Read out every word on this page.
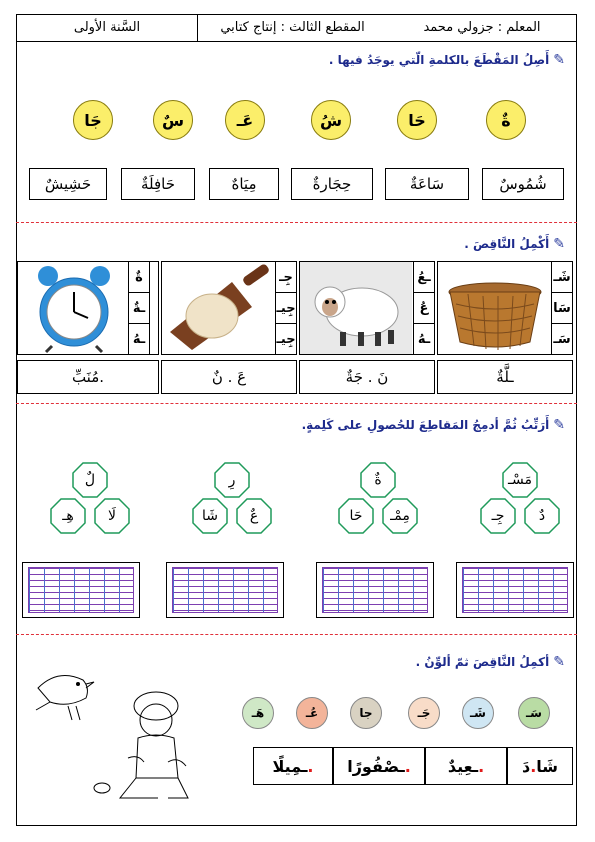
المعلم : جزولي محمد
المقطع الثالث : إنتاج كتابي
السَّنة الأولى
✎أَصِلُ المَقْطَعَ بالكلمةِ الّتي يوجَدُ فيها .
ةٌ
حَا
شُ
عَـ
سٌ
جَا
شُمُوسٌ
سَاعَةٌ
حِجَارةٌ
مِيَاهٌ
حَافِلَةٌ
حَشِيشٌ
✎أَكْمِلُ النَّاقِصَ .
شَـ
سَا
سَـ
ـلَّةٌ
ـعُ
عُ
ـهُ
نَ . جَةٌ
جِـ
جِيـ
جِيـ
عَ . نٌ
ةٌ
ـةٌ
ـهُ
مُنَبِّ.
✎أَرَتِّبُ ثُمَّ أدمِجُ المَقاطِعَ للحُصولِ على كَلِمةٍ.
مَسْـ
دٌ
جِـ
ةٌ
مِمْـ
حَا
رِ
عٌ
شَا
لٌ
لَا
هِـ
✎أكمِلُ النَّاقِصَ ثمّ ألوِّنُ .
سَـ
شَـ
جَـ
جا
عُـ
هَـ
شَا
.
دَ
.
ـعِيدٌ
.
ـصْفُورًا
.
ـمِيلًا
